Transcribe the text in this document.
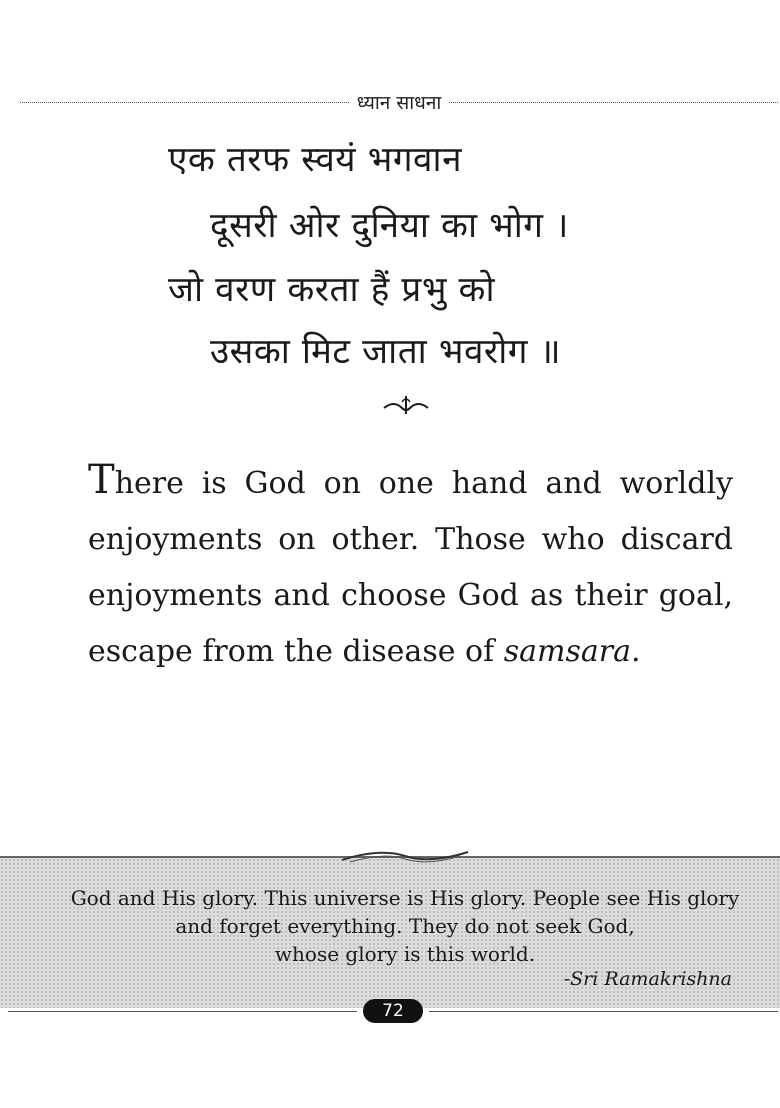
ध्यान साधना
एक तरफ स्वयं भगवान
दूसरी ओर दुनिया का भोग ।
जो वरण करता हैं प्रभु को
उसका मिट जाता भवरोग ॥
There is God on one hand and worldly enjoyments on other. Those who discard enjoyments and choose God as their goal, escape from the disease of samsara.
God and His glory. This universe is His glory. People see His glory
and forget everything. They do not seek God,
whose glory is this world.
-Sri Ramakrishna
72
